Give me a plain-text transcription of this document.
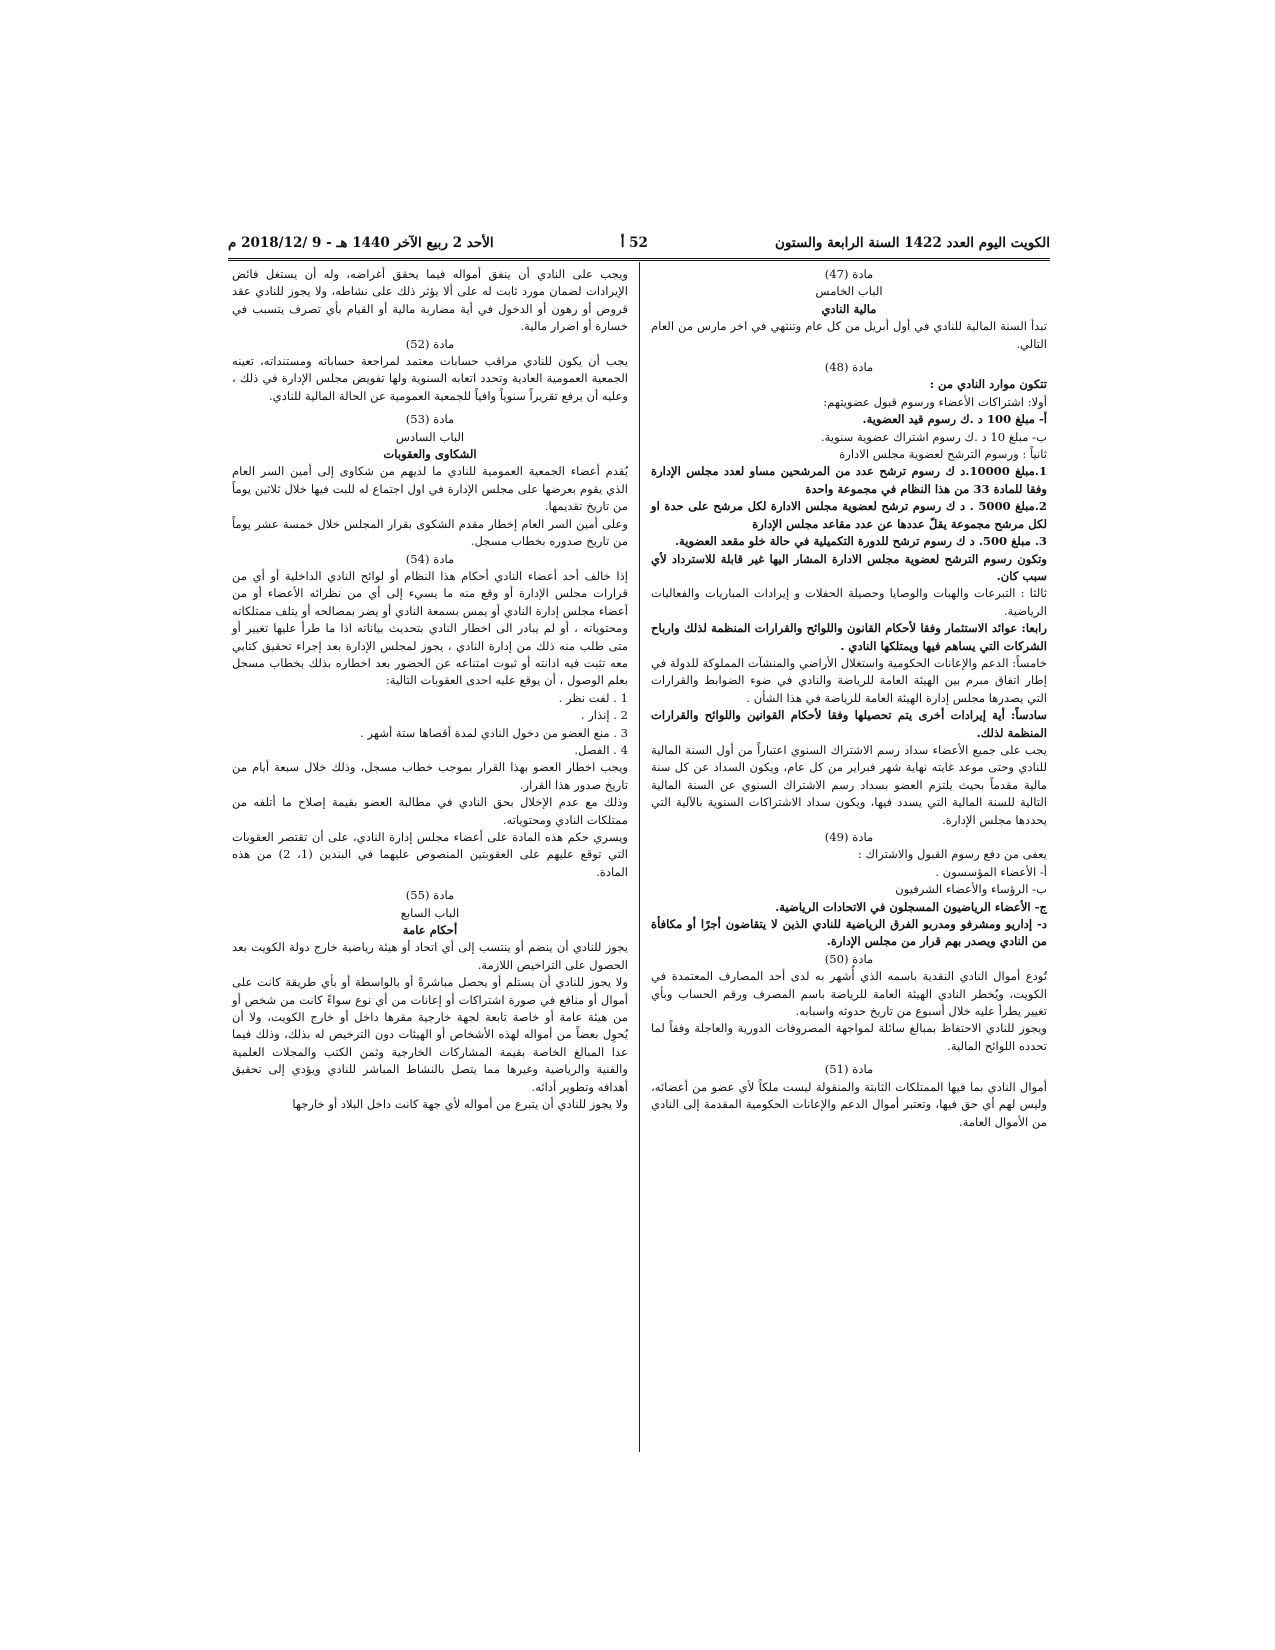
الكويت اليوم العدد 1422 السنة الرابعة والستون
52 أ
الأحد 2 ربيع الآخر 1440 هـ - 9 /2018/12 م

مادة (47)

الباب الخامس

مالية النادي

تبدأ السنة المالية للنادي في أول أبريل من كل عام وتنتهي في اخر مارس من العام التالي.

مادة (48)

تتكون موارد النادي من :

أولا: اشتراكات الأعضاء ورسوم قبول عضويتهم:

أ- مبلغ 100 د .ك رسوم قيد العضوية.

ب- مبلغ 10 د .ك رسوم اشتراك عضوية سنوية.

ثانياً : ورسوم الترشح لعضوية مجلس الادارة

1.مبلغ 10000.د ك رسوم ترشح عدد من المرشحين مساو لعدد مجلس الإدارة وفقا للمادة 33 من هذا النظام في مجموعة واحدة

2.مبلغ 5000 . د ك رسوم ترشح لعضوية مجلس الادارة لكل مرشح على حدة او لكل مرشح مجموعة يقلّ عددها عن عدد مقاعد مجلس الإدارة

3. مبلغ 500. د ك رسوم ترشح للدورة التكميلية في حالة خلو مقعد العضوية.

وتكون رسوم الترشح لعضوية مجلس الادارة المشار اليها غير قابلة للاسترداد لأي سبب كان.

ثالثا : التبرعات والهبات والوصايا وحصيلة الحفلات و إيرادات المباريات والفعاليات الرياضية.

رابعا: عوائد الاستثمار وفقا لأحكام القانون واللوائح والقرارات المنظمة لذلك وارباح الشركات التي يساهم فيها ويمتلكها النادي .

خامساً: الدعم والإعانات الحكومية واستغلال الأراضي والمنشآت المملوكة للدولة في إطار اتفاق مبرم بين الهيئة العامة للرياضة والنادي في ضوء الضوابط والقرارات التي يصدرها مجلس إدارة الهيئة العامة للرياضة في هذا الشأن .

سادساً: أية إيرادات أخرى يتم تحصيلها وفقا لأحكام القوانين واللوائح والقرارات المنظمة لذلك.

يجب على جميع الأعضاء سداد رسم الاشتراك السنوي اعتباراً من أول السنة المالية للنادي وحتى موعد غايته نهاية شهر فبراير من كل عام، ويكون السداد عن كل سنة مالية مقدماً بحيث يلتزم العضو بسداد رسم الاشتراك السنوي عن السنة المالية التالية للسنة المالية التي يسدد فيها، ويكون سداد الاشتراكات السنوية بالآلية التي يحددها مجلس الإدارة.

مادة (49)

يعفى من دفع رسوم القبول والاشتراك :

أ- الأعضاء المؤسسون .

ب- الرؤساء والأعضاء الشرفيون

ج- الأعضاء الرياضيون المسجلون في الاتحادات الرياضية.

د- إداريو ومشرفو ومدربو الفرق الرياضية للنادي الذين لا يتقاضون أجرًا أو مكافأة من النادي ويصدر بهم قرار من مجلس الإدارة.

مادة (50)

تُودع أموال النادي النقدية باسمه الذي أُشهر به لدى أحد المصارف المعتمدة في الكويت، ويُخطر النادي الهيئة العامة للرياضة باسم المصرف ورقم الحساب وبأي تغيير يطرأ عليه خلال أسبوع من تاريخ حدوثه واسبابه.

ويجوز للنادي الاحتفاظ بمبالغ سائلة لمواجهة المصروفات الدورية والعاجلة وفقاً لما تحدده اللوائح المالية.

مادة (51)

أموال النادي بما فيها الممتلكات الثابتة والمنقولة ليست ملكاً لأي عضو من أعضائه، وليس لهم أي حق فيها، وتعتبر أموال الدعم والإعانات الحكومية المقدمة إلى النادي من الأموال العامة.

ويجب على النادي أن ينفق أمواله فيما يحقق أغراضه، وله أن يستغل فائض الإيرادات لضمان مورد ثابت له على ألا يؤثر ذلك على نشاطه، ولا يجوز للنادي عقد قروض أو رهون أو الدخول في أية مضاربة مالية أو القيام بأي تصرف يتسبب في خسارة أو اضرار مالية.

مادة (52)

يجب أن يكون للنادي مراقب حسابات معتمد لمراجعة حساباته ومستنداته، تعينه الجمعية العمومية العادية وتحدد اتعابه السنوية ولها تفويض مجلس الإدارة في ذلك ، وعليه أن يرفع تقريراً سنوياً وافياً للجمعية العمومية عن الحالة المالية للنادي.

مادة (53)

الباب السادس

الشكاوى والعقوبات

يُقدم أعضاء الجمعية العمومية للنادي ما لديهم من شكاوى إلى أمين السر العام الذي يقوم بعرضها على مجلس الإدارة في اول اجتماع له للبت فيها خلال ثلاثين يوماً من تاريخ تقديمها.

وعلى أمين السر العام إخطار مقدم الشكوى بقرار المجلس خلال خمسة عشر يوماً من تاريخ صدوره بخطاب مسجل.

مادة (54)

إذا خالف أحد أعضاء النادي أحكام هذا النظام أو لوائح النادي الداخلية أو أي من قرارات مجلس الإدارة أو وقع منه ما يسيء إلى أي من نظرائه الأعضاء أو من أعضاء مجلس إدارة النادي أو يمس بسمعة النادي أو يضر بمصالحه أو يتلف ممتلكاته ومحتوياته ، أو لم يبادر الى اخطار النادي بتحديث بياناته اذا ما طرأ عليها تغيير أو متى طلب منه ذلك من إدارة النادي ، يجوز لمجلس الإدارة بعد إجراء تحقيق كتابي معه تثبت فيه ادانته أو ثبوت امتناعه عن الحضور بعد اخطاره بذلك بخطاب مسجل بعلم الوصول ، أن يوقع عليه احدى العقوبات التالية:

1 . لفت نظر .

2 . إنذار .

3 . منع العضو من دخول النادي لمدة أقصاها ستة أشهر .

4 . الفصل.

ويجب اخطار العضو بهذا القرار بموجب خطاب مسجل، وذلك خلال سبعة أيام من تاريخ صدور هذا القرار.

وذلك مع عدم الإخلال بحق النادي في مطالبة العضو بقيمة إصلاح ما أتلفه من ممتلكات النادي ومحتوياته.

ويسري حكم هذه المادة على أعضاء مجلس إدارة النادي، على أن تقتصر العقوبات التي توقع عليهم على العقوبتين المنصوص عليهما في البندين (1، 2) من هذه المادة.

مادة (55)

الباب السابع

أحكام عامة

يجوز للنادي أن ينضم أو ينتسب إلى أي اتحاد أو هيئة رياضية خارج دولة الكويت بعد الحصول على التراخيص اللازمة.

ولا يجوز للنادي أن يستلم أو يحصل مباشرةً أو بالواسطة أو بأي طريقة كانت على أموال أو منافع في صورة اشتراكات أو إعانات من أي نوع سواءً كانت من شخص أو من هيئة عامة أو خاصة تابعة لجهة خارجية مقرها داخل أو خارج الكويت، ولا أن يُحوِل بعضاً من أمواله لهذه الأشخاص أو الهيئات دون الترخيص له بذلك، وذلك فيما عدا المبالغ الخاصة بقيمة المشاركات الخارجية وثمن الكتب والمجلات العلمية والفنية والرياضية وغيرها مما يتصل بالنشاط المباشر للنادي ويؤدي إلى تحقيق أهدافه وتطوير أدائه.

ولا يجوز للنادي أن يتبرع من أمواله لأي جهة كانت داخل البلاد أو خارجها
